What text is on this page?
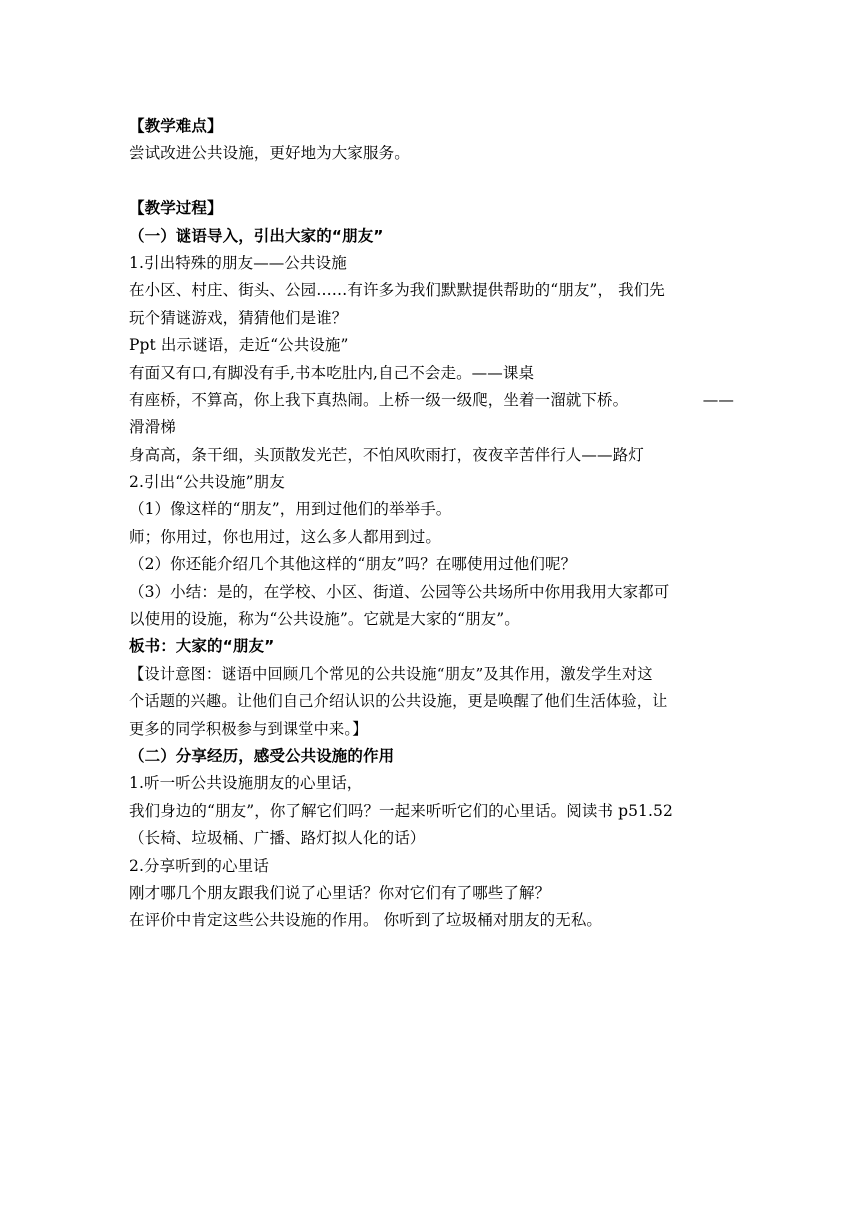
【教学难点】
尝试改进公共设施，更好地为大家服务。
【教学过程】
（一）谜语导入，引出大家的“朋友”
1.引出特殊的朋友——公共设施
在小区、村庄、街头、公园……有许多为我们默默提供帮助的“朋友”， 我们先
玩个猜谜游戏，猜猜他们是谁？
Ppt 出示谜语，走近“公共设施”
有面又有口,有脚没有手,书本吃肚内,自己不会走。——课桌
有座桥，不算高，你上我下真热闹。上桥一级一级爬，坐着一溜就下桥。	——
滑滑梯
身高高，条干细，头顶散发光芒，不怕风吹雨打，夜夜辛苦伴行人——路灯
2.引出“公共设施”朋友
（1）像这样的“朋友”，用到过他们的举举手。
师；你用过，你也用过，这么多人都用到过。
（2）你还能介绍几个其他这样的“朋友”吗？在哪使用过他们呢？
（3）小结：是的，在学校、小区、街道、公园等公共场所中你用我用大家都可
以使用的设施，称为“公共设施”。它就是大家的“朋友”。
板书：大家的“朋友”
【设计意图：谜语中回顾几个常见的公共设施“朋友”及其作用，激发学生对这
个话题的兴趣。让他们自己介绍认识的公共设施，更是唤醒了他们生活体验，让
更多的同学积极参与到课堂中来。】
（二）分享经历，感受公共设施的作用
1.听一听公共设施朋友的心里话，
我们身边的“朋友”，你了解它们吗？一起来听听它们的心里话。阅读书 p51.52
（长椅、垃圾桶、广播、路灯拟人化的话）
2.分享听到的心里话
刚才哪几个朋友跟我们说了心里话？你对它们有了哪些了解？
在评价中肯定这些公共设施的作用。 你听到了垃圾桶对朋友的无私。
